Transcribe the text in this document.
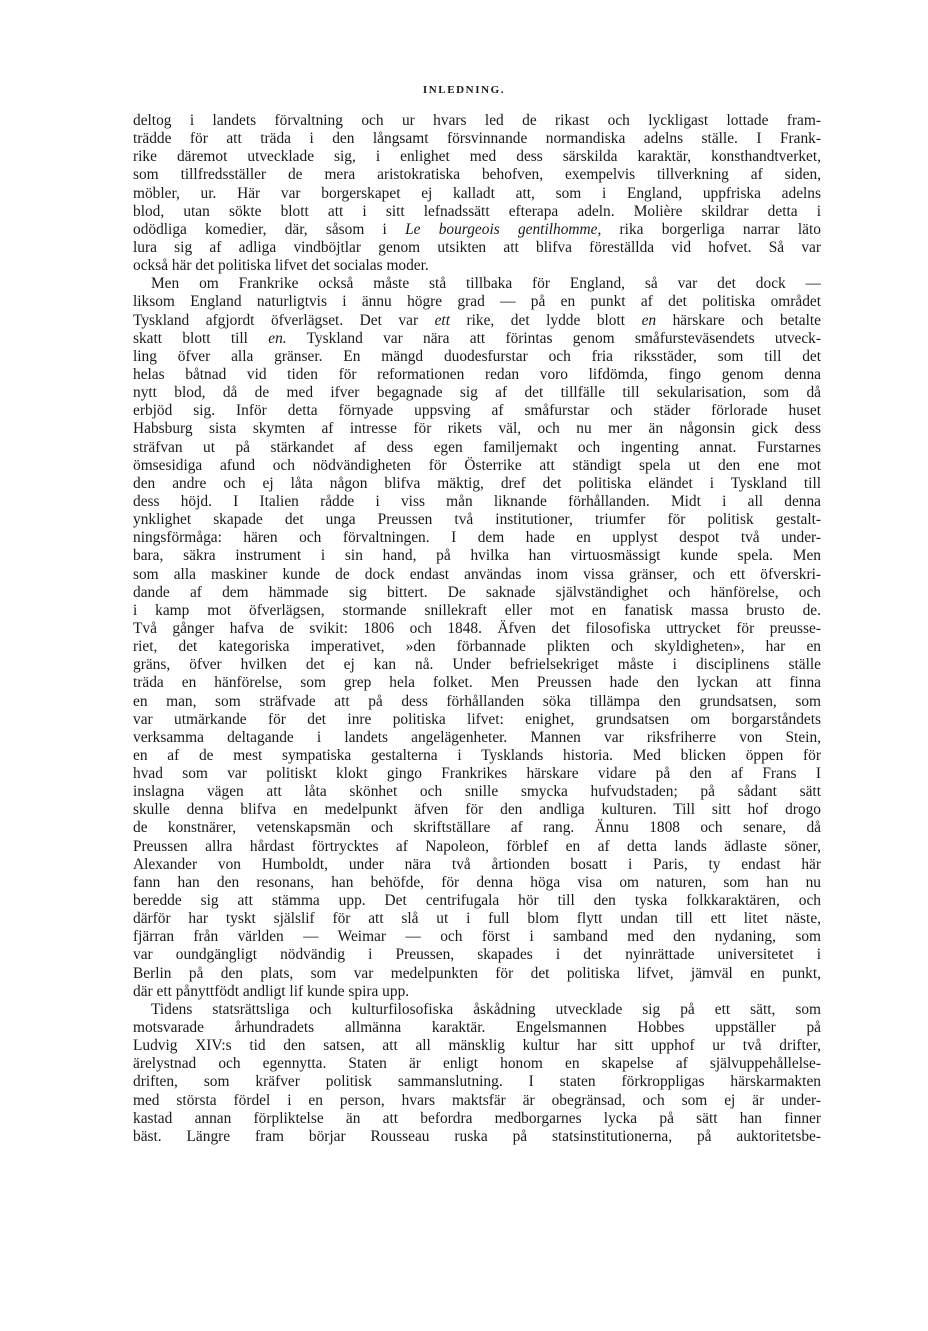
INLEDNING.
deltog i landets förvaltning och ur hvars led de rikast och lyckligast lottade fram-
trädde för att träda i den långsamt försvinnande normandiska adelns ställe. I Frank-
rike däremot utvecklade sig, i enlighet med dess särskilda karaktär, konsthandtverket,
som tillfredsställer de mera aristokratiska behofven, exempelvis tillverkning af siden,
möbler, ur. Här var borgerskapet ej kalladt att, som i England, uppfriska adelns
blod, utan sökte blott att i sitt lefnadssätt efterapa adeln. Molière skildrar detta i
odödliga komedier, där, såsom i Le bourgeois gentilhomme, rika borgerliga narrar läto
lura sig af adliga vindböjtlar genom utsikten att blifva föreställda vid hofvet. Så var
också här det politiska lifvet det socialas moder.
Men om Frankrike också måste stå tillbaka för England, så var det dock —
liksom England naturligtvis i ännu högre grad — på en punkt af det politiska området
Tyskland afgjordt öfverlägset. Det var ett rike, det lydde blott en härskare och betalte
skatt blott till en. Tyskland var nära att förintas genom småfursteväsendets utveck-
ling öfver alla gränser. En mängd duodesfurstar och fria riksstäder, som till det
helas båtnad vid tiden för reformationen redan voro lifdömda, fingo genom denna
nytt blod, då de med ifver begagnade sig af det tillfälle till sekularisation, som då
erbjöd sig. Inför detta förnyade uppsving af småfurstar och städer förlorade huset
Habsburg sista skymten af intresse för rikets väl, och nu mer än någonsin gick dess
sträfvan ut på stärkandet af dess egen familjemakt och ingenting annat. Furstarnes
ömsesidiga afund och nödvändigheten för Österrike att ständigt spela ut den ene mot
den andre och ej låta någon blifva mäktig, dref det politiska eländet i Tyskland till
dess höjd. I Italien rådde i viss mån liknande förhållanden. Midt i all denna
ynklighet skapade det unga Preussen två institutioner, triumfer för politisk gestalt-
ningsförmåga: hären och förvaltningen. I dem hade en upplyst despot två under-
bara, säkra instrument i sin hand, på hvilka han virtuosmässigt kunde spela. Men
som alla maskiner kunde de dock endast användas inom vissa gränser, och ett öfverskri-
dande af dem hämmade sig bittert. De saknade självständighet och hänförelse, och
i kamp mot öfverlägsen, stormande snillekraft eller mot en fanatisk massa brusto de.
Två gånger hafva de svikit: 1806 och 1848. Äfven det filosofiska uttrycket för preusse-
riet, det kategoriska imperativet, »den förbannade plikten och skyldigheten», har en
gräns, öfver hvilken det ej kan nå. Under befrielsekriget måste i disciplinens ställe
träda en hänförelse, som grep hela folket. Men Preussen hade den lyckan att finna
en man, som sträfvade att på dess förhållanden söka tillämpa den grundsatsen, som
var utmärkande för det inre politiska lifvet: enighet, grundsatsen om borgarståndets
verksamma deltagande i landets angelägenheter. Mannen var riksfriherre von Stein,
en af de mest sympatiska gestalterna i Tysklands historia. Med blicken öppen för
hvad som var politiskt klokt gingo Frankrikes härskare vidare på den af Frans I
inslagna vägen att låta skönhet och snille smycka hufvudstaden; på sådant sätt
skulle denna blifva en medelpunkt äfven för den andliga kulturen. Till sitt hof drogo
de konstnärer, vetenskapsmän och skriftställare af rang. Ännu 1808 och senare, då
Preussen allra hårdast förtrycktes af Napoleon, förblef en af detta lands ädlaste söner,
Alexander von Humboldt, under nära två årtionden bosatt i Paris, ty endast här
fann han den resonans, han behöfde, för denna höga visa om naturen, som han nu
beredde sig att stämma upp. Det centrifugala hör till den tyska folkkaraktären, och
därför har tyskt själslif för att slå ut i full blom flytt undan till ett litet näste,
fjärran från världen — Weimar — och först i samband med den nydaning, som
var oundgängligt nödvändig i Preussen, skapades i det nyinrättade universitetet i
Berlin på den plats, som var medelpunkten för det politiska lifvet, jämväl en punkt,
där ett pånyttfödt andligt lif kunde spira upp.
Tidens statsrättsliga och kulturfilosofiska åskådning utvecklade sig på ett sätt, som
motsvarade århundradets allmänna karaktär. Engelsmannen Hobbes uppställer på
Ludvig XIV:s tid den satsen, att all mänsklig kultur har sitt upphof ur två drifter,
ärelystnad och egennytta. Staten är enligt honom en skapelse af självuppehållelse-
driften, som kräfver politisk sammanslutning. I staten förkroppligas härskarmakten
med största fördel i en person, hvars maktsfär är obegränsad, och som ej är under-
kastad annan förpliktelse än att befordra medborgarnes lycka på sätt han finner
bäst. Längre fram börjar Rousseau ruska på statsinstitutionerna, på auktoritetsbe-
